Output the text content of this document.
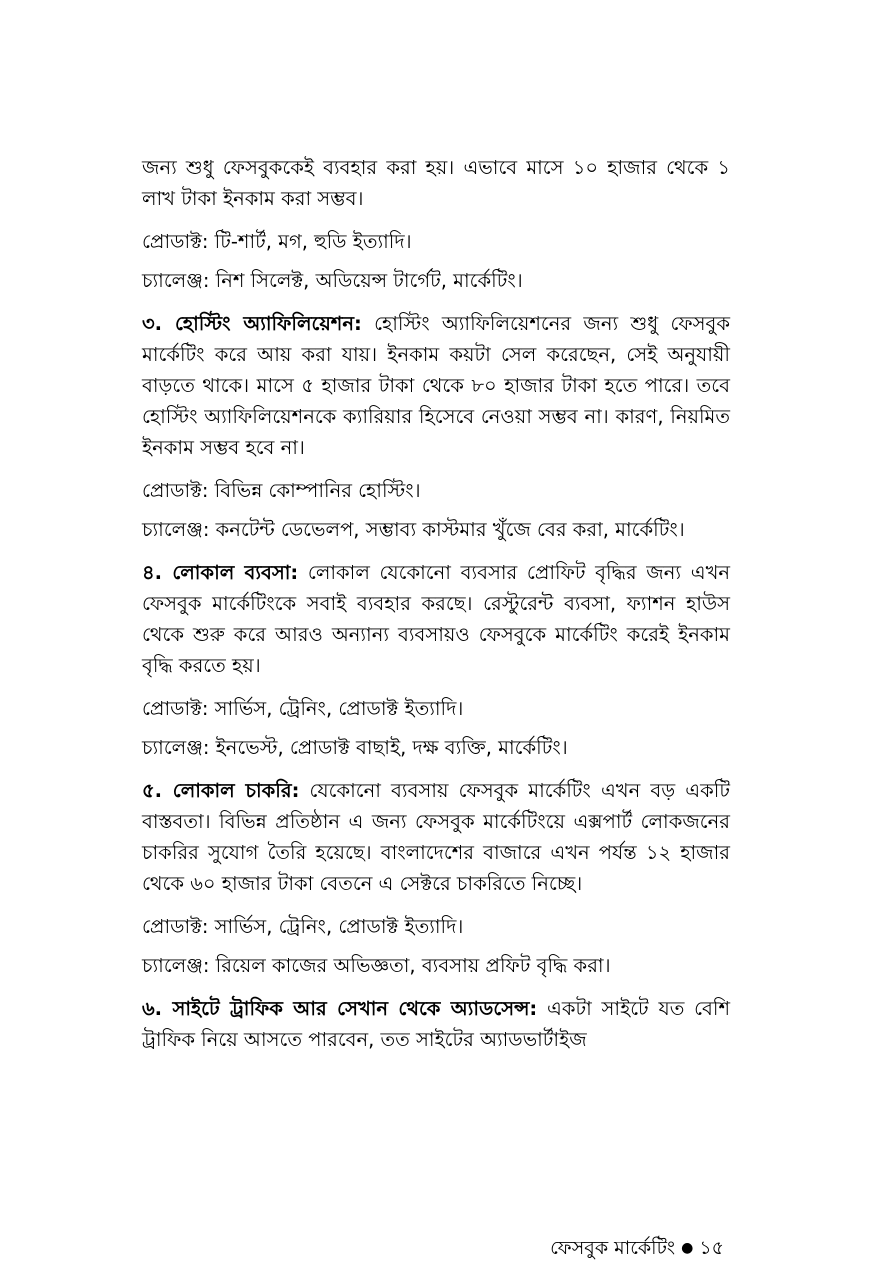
জন্য শুধু ফেসবুককেই ব্যবহার করা হয়। এভাবে মাসে ১০ হাজার থেকে ১ লাখ টাকা ইনকাম করা সম্ভব।

প্রোডাক্ট: টি-শার্ট, মগ, হুডি ইত্যাদি।

চ্যালেঞ্জ: নিশ সিলেক্ট, অডিয়েন্স টার্গেট, মার্কেটিং।

৩. হোস্টিং অ্যাফিলিয়েশন: হোস্টিং অ্যাফিলিয়েশনের জন্য শুধু ফেসবুক মার্কেটিং করে আয় করা যায়। ইনকাম কয়টা সেল করেছেন, সেই অনুযায়ী বাড়তে থাকে। মাসে ৫ হাজার টাকা থেকে ৮০ হাজার টাকা হতে পারে। তবে হোস্টিং অ্যাফিলিয়েশনকে ক্যারিয়ার হিসেবে নেওয়া সম্ভব না। কারণ, নিয়মিত ইনকাম সম্ভব হবে না।

প্রোডাক্ট: বিভিন্ন কোম্পানির হোস্টিং।

চ্যালেঞ্জ: কনটেন্ট ডেভেলপ, সম্ভাব্য কাস্টমার খুঁজে বের করা, মার্কেটিং।

৪. লোকাল ব্যবসা: লোকাল যেকোনো ব্যবসার প্রোফিট বৃদ্ধির জন্য এখন ফেসবুক মার্কেটিংকে সবাই ব্যবহার করছে। রেস্টুরেন্ট ব্যবসা, ফ্যাশন হাউস থেকে শুরু করে আরও অন্যান্য ব্যবসায়ও ফেসবুকে মার্কেটিং করেই ইনকাম বৃদ্ধি করতে হয়।

প্রোডাক্ট: সার্ভিস, ট্রেনিং, প্রোডাক্ট ইত্যাদি।

চ্যালেঞ্জ: ইনভেস্ট, প্রোডাক্ট বাছাই, দক্ষ ব্যক্তি, মার্কেটিং।

৫. লোকাল চাকরি: যেকোনো ব্যবসায় ফেসবুক মার্কেটিং এখন বড় একটি বাস্তবতা। বিভিন্ন প্রতিষ্ঠান এ জন্য ফেসবুক মার্কেটিংয়ে এক্সপার্ট লোকজনের চাকরির সুযোগ তৈরি হয়েছে। বাংলাদেশের বাজারে এখন পর্যন্ত ১২ হাজার থেকে ৬০ হাজার টাকা বেতনে এ সেক্টরে চাকরিতে নিচ্ছে।

প্রোডাক্ট: সার্ভিস, ট্রেনিং, প্রোডাক্ট ইত্যাদি।

চ্যালেঞ্জ: রিয়েল কাজের অভিজ্ঞতা, ব্যবসায় প্রফিট বৃদ্ধি করা।

৬. সাইটে ট্রাফিক আর সেখান থেকে অ্যাডসেন্স: একটা সাইটে যত বেশি ট্রাফিক নিয়ে আসতে পারবেন, তত সাইটের অ্যাডভার্টাইজ

ফেসবুক মার্কেটিং ● ১৫
